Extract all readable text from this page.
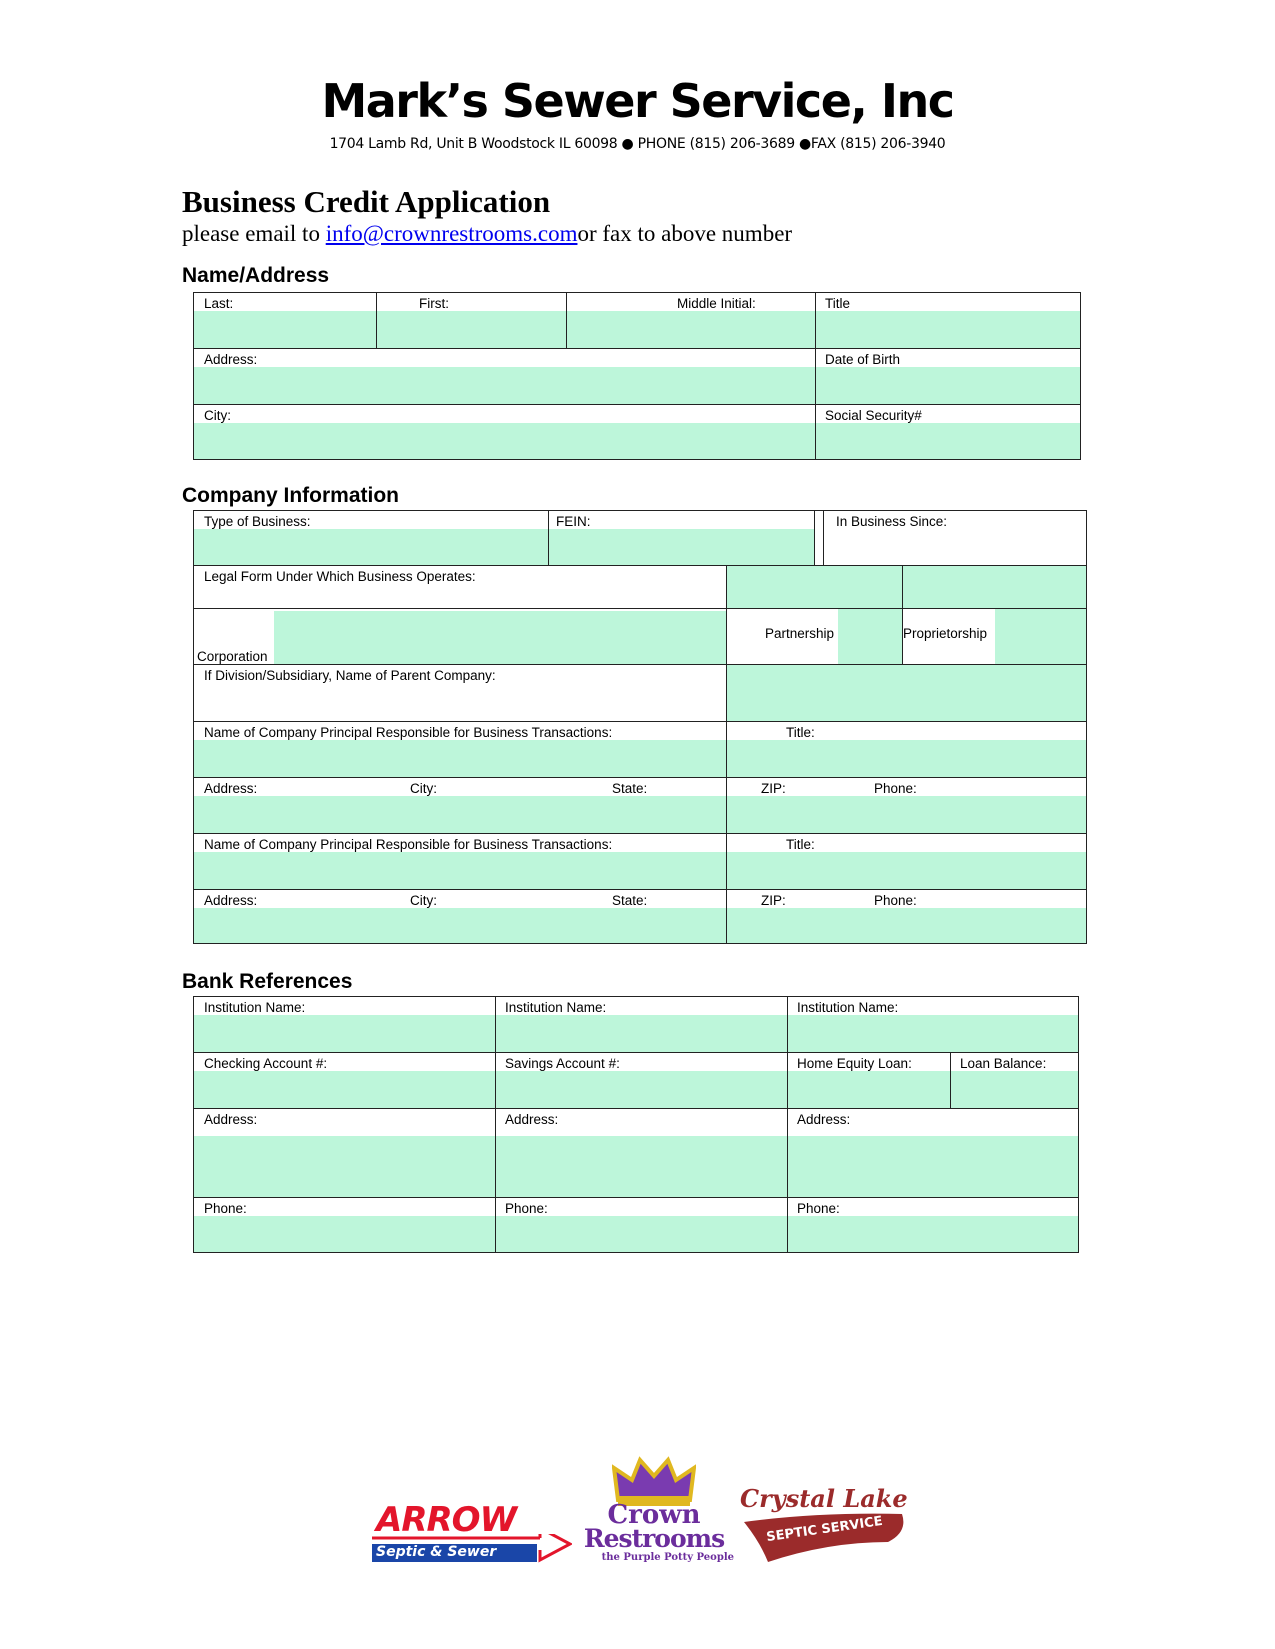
Mark’s Sewer Service, Inc
1704 Lamb Rd, Unit B Woodstock IL 60098 ● PHONE (815) 206-3689 ●FAX (815) 206-3940
Business Credit Application
please email to info@crownrestrooms.comor fax to above number
Name/Address
Last:	First:	Middle Initial:	Title
Address:	Date of Birth
City:	Social Security#
Company Information
Type of Business:	FEIN:	In Business Since:
Legal Form Under Which Business Operates:
Corporation
Partnership	Proprietorship
If Division/Subsidiary, Name of Parent Company:
Name of Company Principal Responsible for Business Transactions:	Title:
Address:	City:	State:	ZIP:	Phone:
Name of Company Principal Responsible for Business Transactions:	Title:
Address:	City:	State:	ZIP:	Phone:
Bank References
Institution Name:	Institution Name:	Institution Name:
Checking Account #:	Savings Account #:	Home Equity Loan:	Loan Balance:
Address:	Address:	Address:
Phone:	Phone:	Phone:
ARROW
Septic & Sewer
Crown
Restrooms
the Purple Potty People
Crystal Lake
SEPTIC SERVICE
